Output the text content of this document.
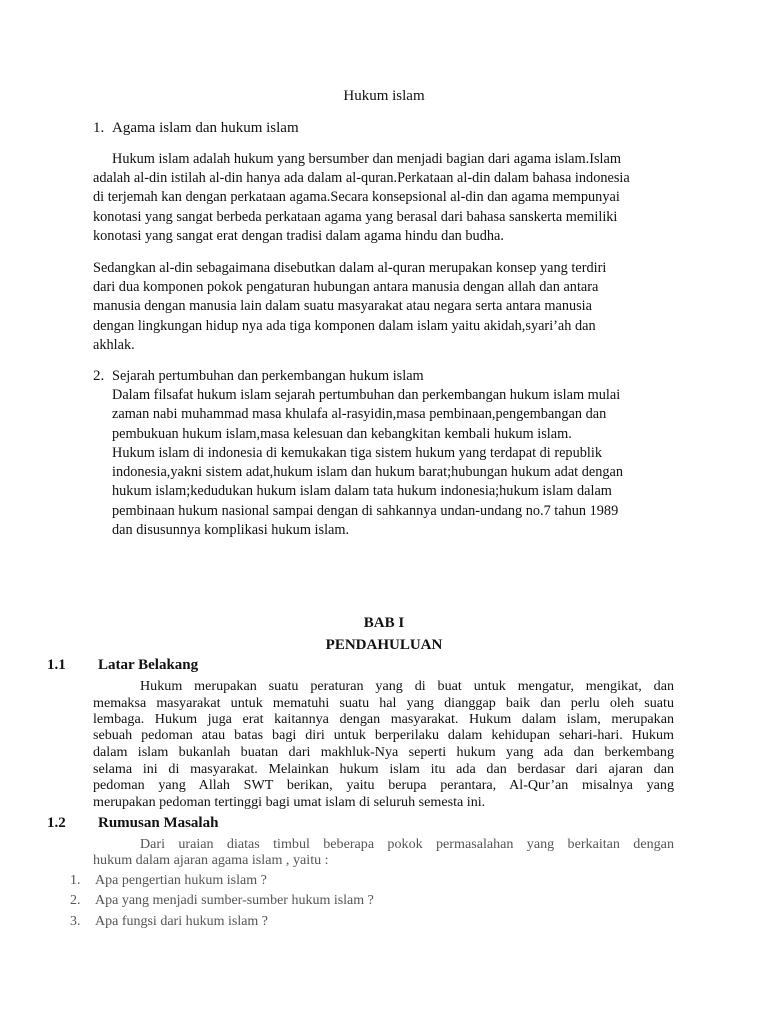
Hukum islam
1. Agama islam dan hukum islam
Hukum islam adalah hukum yang bersumber dan menjadi bagian dari agama islam.Islam
adalah al-din istilah al-din hanya ada dalam al-quran.Perkataan al-din dalam bahasa indonesia
di terjemah kan dengan perkataan agama.Secara konsepsional al-din dan agama mempunyai
konotasi yang sangat berbeda perkataan agama yang berasal dari bahasa sanskerta memiliki
konotasi yang sangat erat dengan tradisi dalam agama hindu dan budha.
Sedangkan al-din sebagaimana disebutkan dalam al-quran merupakan konsep yang terdiri
dari dua komponen pokok pengaturan hubungan antara manusia dengan allah dan antara
manusia dengan manusia lain dalam suatu masyarakat atau negara serta antara manusia
dengan lingkungan hidup nya ada tiga komponen dalam islam yaitu akidah,syari’ah dan
akhlak.
2. Sejarah pertumbuhan dan perkembangan hukum islam
Dalam filsafat hukum islam sejarah pertumbuhan dan perkembangan hukum islam mulai
zaman nabi muhammad masa khulafa al-rasyidin,masa pembinaan,pengembangan dan
pembukuan hukum islam,masa kelesuan dan kebangkitan kembali hukum islam.
Hukum islam di indonesia di kemukakan tiga sistem hukum yang terdapat di republik
indonesia,yakni sistem adat,hukum islam dan hukum barat;hubungan hukum adat dengan
hukum islam;kedudukan hukum islam dalam tata hukum indonesia;hukum islam dalam
pembinaan hukum nasional sampai dengan di sahkannya undan-undang no.7 tahun 1989
dan disusunnya komplikasi hukum islam.
BAB I
PENDAHULUAN
1.1 Latar Belakang
Hukum merupakan suatu peraturan yang di buat untuk mengatur, mengikat, dan
memaksa masyarakat untuk mematuhi suatu hal yang dianggap baik dan perlu oleh suatu
lembaga. Hukum juga erat kaitannya dengan masyarakat. Hukum dalam islam, merupakan
sebuah pedoman atau batas bagi diri untuk berperilaku dalam kehidupan sehari-hari. Hukum
dalam islam bukanlah buatan dari makhluk-Nya seperti hukum yang ada dan berkembang
selama ini di masyarakat. Melainkan hukum islam itu ada dan berdasar dari ajaran dan
pedoman yang Allah SWT berikan, yaitu berupa perantara, Al-Qur’an misalnya yang
merupakan pedoman tertinggi bagi umat islam di seluruh semesta ini.
1.2 Rumusan Masalah
Dari uraian diatas timbul beberapa pokok permasalahan yang berkaitan dengan
hukum dalam ajaran agama islam , yaitu :
1. Apa pengertian hukum islam ?
2. Apa yang menjadi sumber-sumber hukum islam ?
3. Apa fungsi dari hukum islam ?
